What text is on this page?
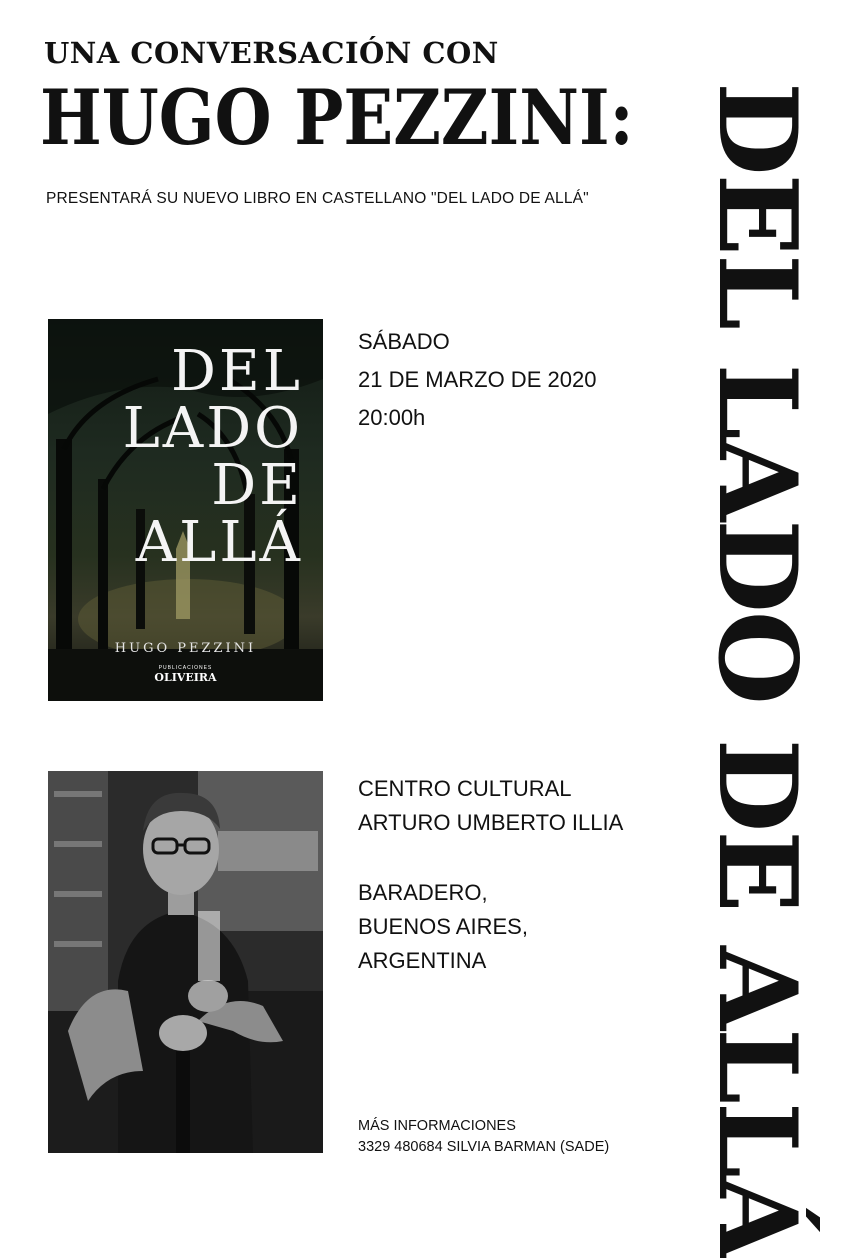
UNA CONVERSACIÓN CON
HUGO PEZZINI:
PRESENTARÁ SU NUEVO LIBRO EN CASTELLANO "DEL LADO DE ALLÁ" DEL LADO DE ALLÁ
DEL
LADO
DE
ALLÁ
HUGO PEZZINI
PUBLICACIONES
OLIVEIRA
SÁBADO
21 DE MARZO DE 2020
20:00h
CENTRO CULTURAL
ARTURO UMBERTO ILLIA
BARADERO,
BUENOS AIRES,
ARGENTINA
MÁS INFORMACIONES
3329 480684 SILVIA BARMAN (SADE)
